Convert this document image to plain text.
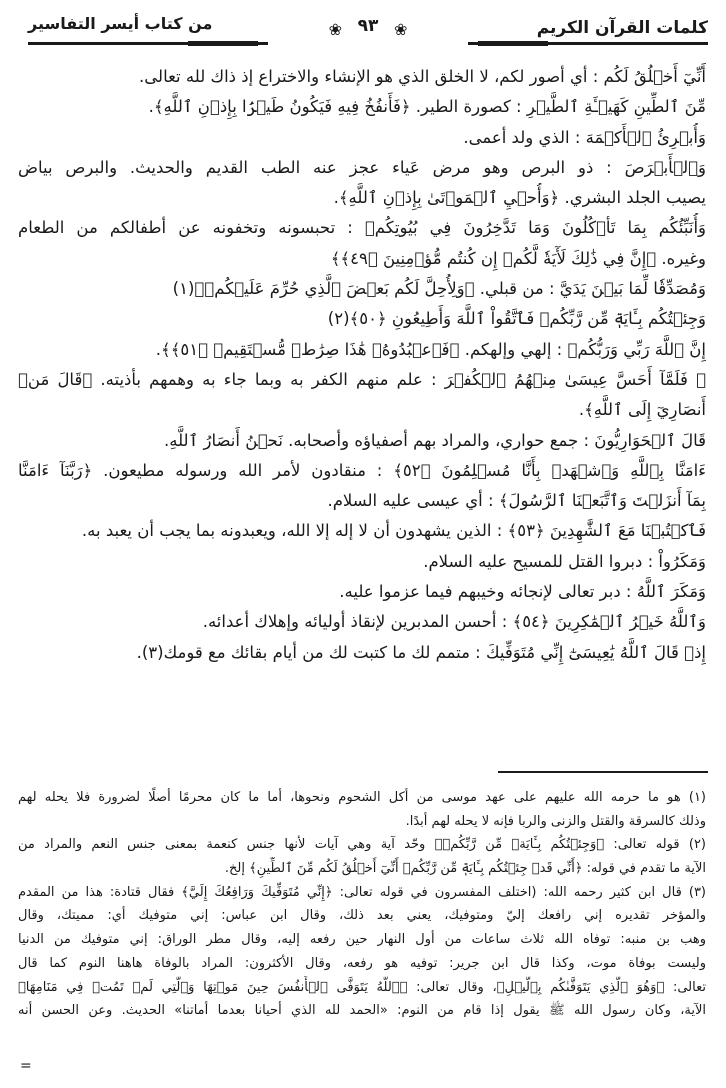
كلمات القرآن الكريم
❀
٩٣
❀
من كتاب أيسر التفاسير
أَنِّيٓ أَخۡلُقُ لَكُم : أي أصور لكم، لا الخلق الذي هو الإنشاء والاختراع إذ ذاك لله تعالى.
مِّنَ ٱلطِّينِ كَهَيۡـَٔةِ ٱلطَّيۡرِ : كصورة الطير. ﴿فَأَنفُخُ فِيهِ فَيَكُونُ طَيۡرَۢا بِإِذۡنِ ٱللَّهِ﴾.
وَأُبۡرِئُ ٱلۡأَكۡمَهَ : الذي ولد أعمى.
وَٱلۡأَبۡرَصَ : ذو البرص وهو مرض عَياء عجز عنه الطب القديم والحديث. والبرص بياض
يصيب الجلد البشري. ﴿وَأُحۡيِ ٱلۡمَوۡتَىٰ بِإِذۡنِ ٱللَّهِ﴾.
وَأُنَبِّئُكُم بِمَا تَأۡكُلُونَ وَمَا تَدَّخِرُونَ فِي بُيُوتِكُمۡ : تحبسونه وتخفونه عن أطفالكم من الطعام
وغيره. ﴿إِنَّ فِي ذَٰلِكَ لَأٓيَةٗ لَّكُمۡ إِن كُنتُم مُّؤۡمِنِينَ ﴿٤٩﴾﴾
وَمُصَدِّقٗا لِّمَا بَيۡنَ يَدَيَّ : من قبلي. ﴿وَلِأُحِلَّ لَكُم بَعۡضَ ٱلَّذِي حُرِّمَ عَلَيۡكُمۡ﴾(١)
وَجِئۡتُكُم بِـَٔايَةٖ مِّن رَّبِّكُمۡ فَٱتَّقُواْ ٱللَّهَ وَأَطِيعُونِ ﴿٥٠﴾(٢)
إِنَّ ٱللَّهَ رَبِّي وَرَبُّكُمۡ : إلهي وإلهكم. ﴿فَٱعۡبُدُوهُۚ هَٰذَا صِرَٰطٞ مُّسۡتَقِيمٞ ﴿٥١﴾﴾.
۞ فَلَمَّآ أَحَسَّ عِيسَىٰ مِنۡهُمُ ٱلۡكُفۡرَ : علم منهم الكفر به وبما جاء به وهمهم بأذيته. ﴿قَالَ مَنۡ
أَنصَارِيٓ إِلَى ٱللَّهِ﴾.
قَالَ ٱلۡحَوَارِيُّونَ : جمع حواري، والمراد بهم أصفياؤه وأصحابه. نَحۡنُ أَنصَارُ ٱللَّهِ.
ءَامَنَّا بِٱللَّهِ وَٱشۡهَدۡ بِأَنَّا مُسۡلِمُونَ ﴿٥٢﴾ : منقادون لأمر الله ورسوله مطيعون. ﴿رَبَّنَآ ءَامَنَّا
بِمَآ أَنزَلۡتَ وَٱتَّبَعۡنَا ٱلرَّسُولَ﴾ : أي عيسى عليه السلام.
فَٱكۡتُبۡنَا مَعَ ٱلشَّٰهِدِينَ ﴿٥٣﴾ : الذين يشهدون أن لا إله إلا الله، ويعبدونه بما يجب أن يعبد به.
وَمَكَرُواْ : دبروا القتل للمسيح عليه السلام.
وَمَكَرَ ٱللَّهُ : دبر تعالى لإنجائه وخيبهم فيما عزموا عليه.
وَٱللَّهُ خَيۡرُ ٱلۡمَٰكِرِينَ ﴿٥٤﴾ : أحسن المدبرين لإنقاذ أوليائه وإهلاك أعدائه.
إِذۡ قَالَ ٱللَّهُ يَٰعِيسَىٰٓ إِنِّي مُتَوَفِّيكَ : متمم لك ما كتبت لك من أيام بقائك مع قومك(٣).
(١) هو ما حرمه الله عليهم على عهد موسى من أكل الشحوم ونحوها، أما ما كان محرمًا أصلًا لضرورة فلا يحله لهم
وذلك كالسرقة والقتل والزنى والربا فإنه لا يحله لهم أبدًا.
(٢) قوله تعالى: ﴿وَجِئۡتُكُم بِـَٔايَةٖ مِّن رَّبِّكُمۡ﴾ وحّد آية وهي آيات لأنها جنس كنعمة بمعنى جنس النعم والمراد من
الآية ما تقدم في قوله: ﴿أَنِّي قَدۡ جِئۡتُكُم بِـَٔايَةٖ مِّن رَّبِّكُمۡ أَنِّيٓ أَخۡلُقُ لَكُم مِّنَ ٱلطِّينِ﴾ إلخ.
(٣) قال ابن كثير رحمه الله: (اختلف المفسرون في قوله تعالى: ﴿إِنِّي مُتَوَفِّيكَ وَرَافِعُكَ إِلَيَّ﴾ فقال قتادة: هذا من المقدم
والمؤخر تقديره إني رافعك إليّ ومتوفيك، يعني بعد ذلك، وقال ابن عباس: إني متوفيك أي: مميتك، وقال
وهب بن منبه: توفاه الله ثلاث ساعات من أول النهار حين رفعه إليه، وقال مطر الوراق: إني متوفيك من الدنيا
وليست بوفاة موت، وكذا قال ابن جرير: توفيه هو رفعه، وقال الأكثرون: المراد بالوفاة هاهنا النوم كما قال
تعالى: ﴿وَهُوَ ٱلَّذِي يَتَوَفَّىٰكُم بِٱلَّيۡلِ﴾، وقال تعالى: ﴿ٱللَّهُ يَتَوَفَّى ٱلۡأَنفُسَ حِينَ مَوۡتِهَا وَٱلَّتِي لَمۡ تَمُتۡ فِي مَنَامِهَا﴾
الآية، وكان رسول الله ﷺ يقول إذا قام من النوم: «الحمد لله الذي أحيانا بعدما أماتنا» الحديث. وعن الحسن أنه
=
